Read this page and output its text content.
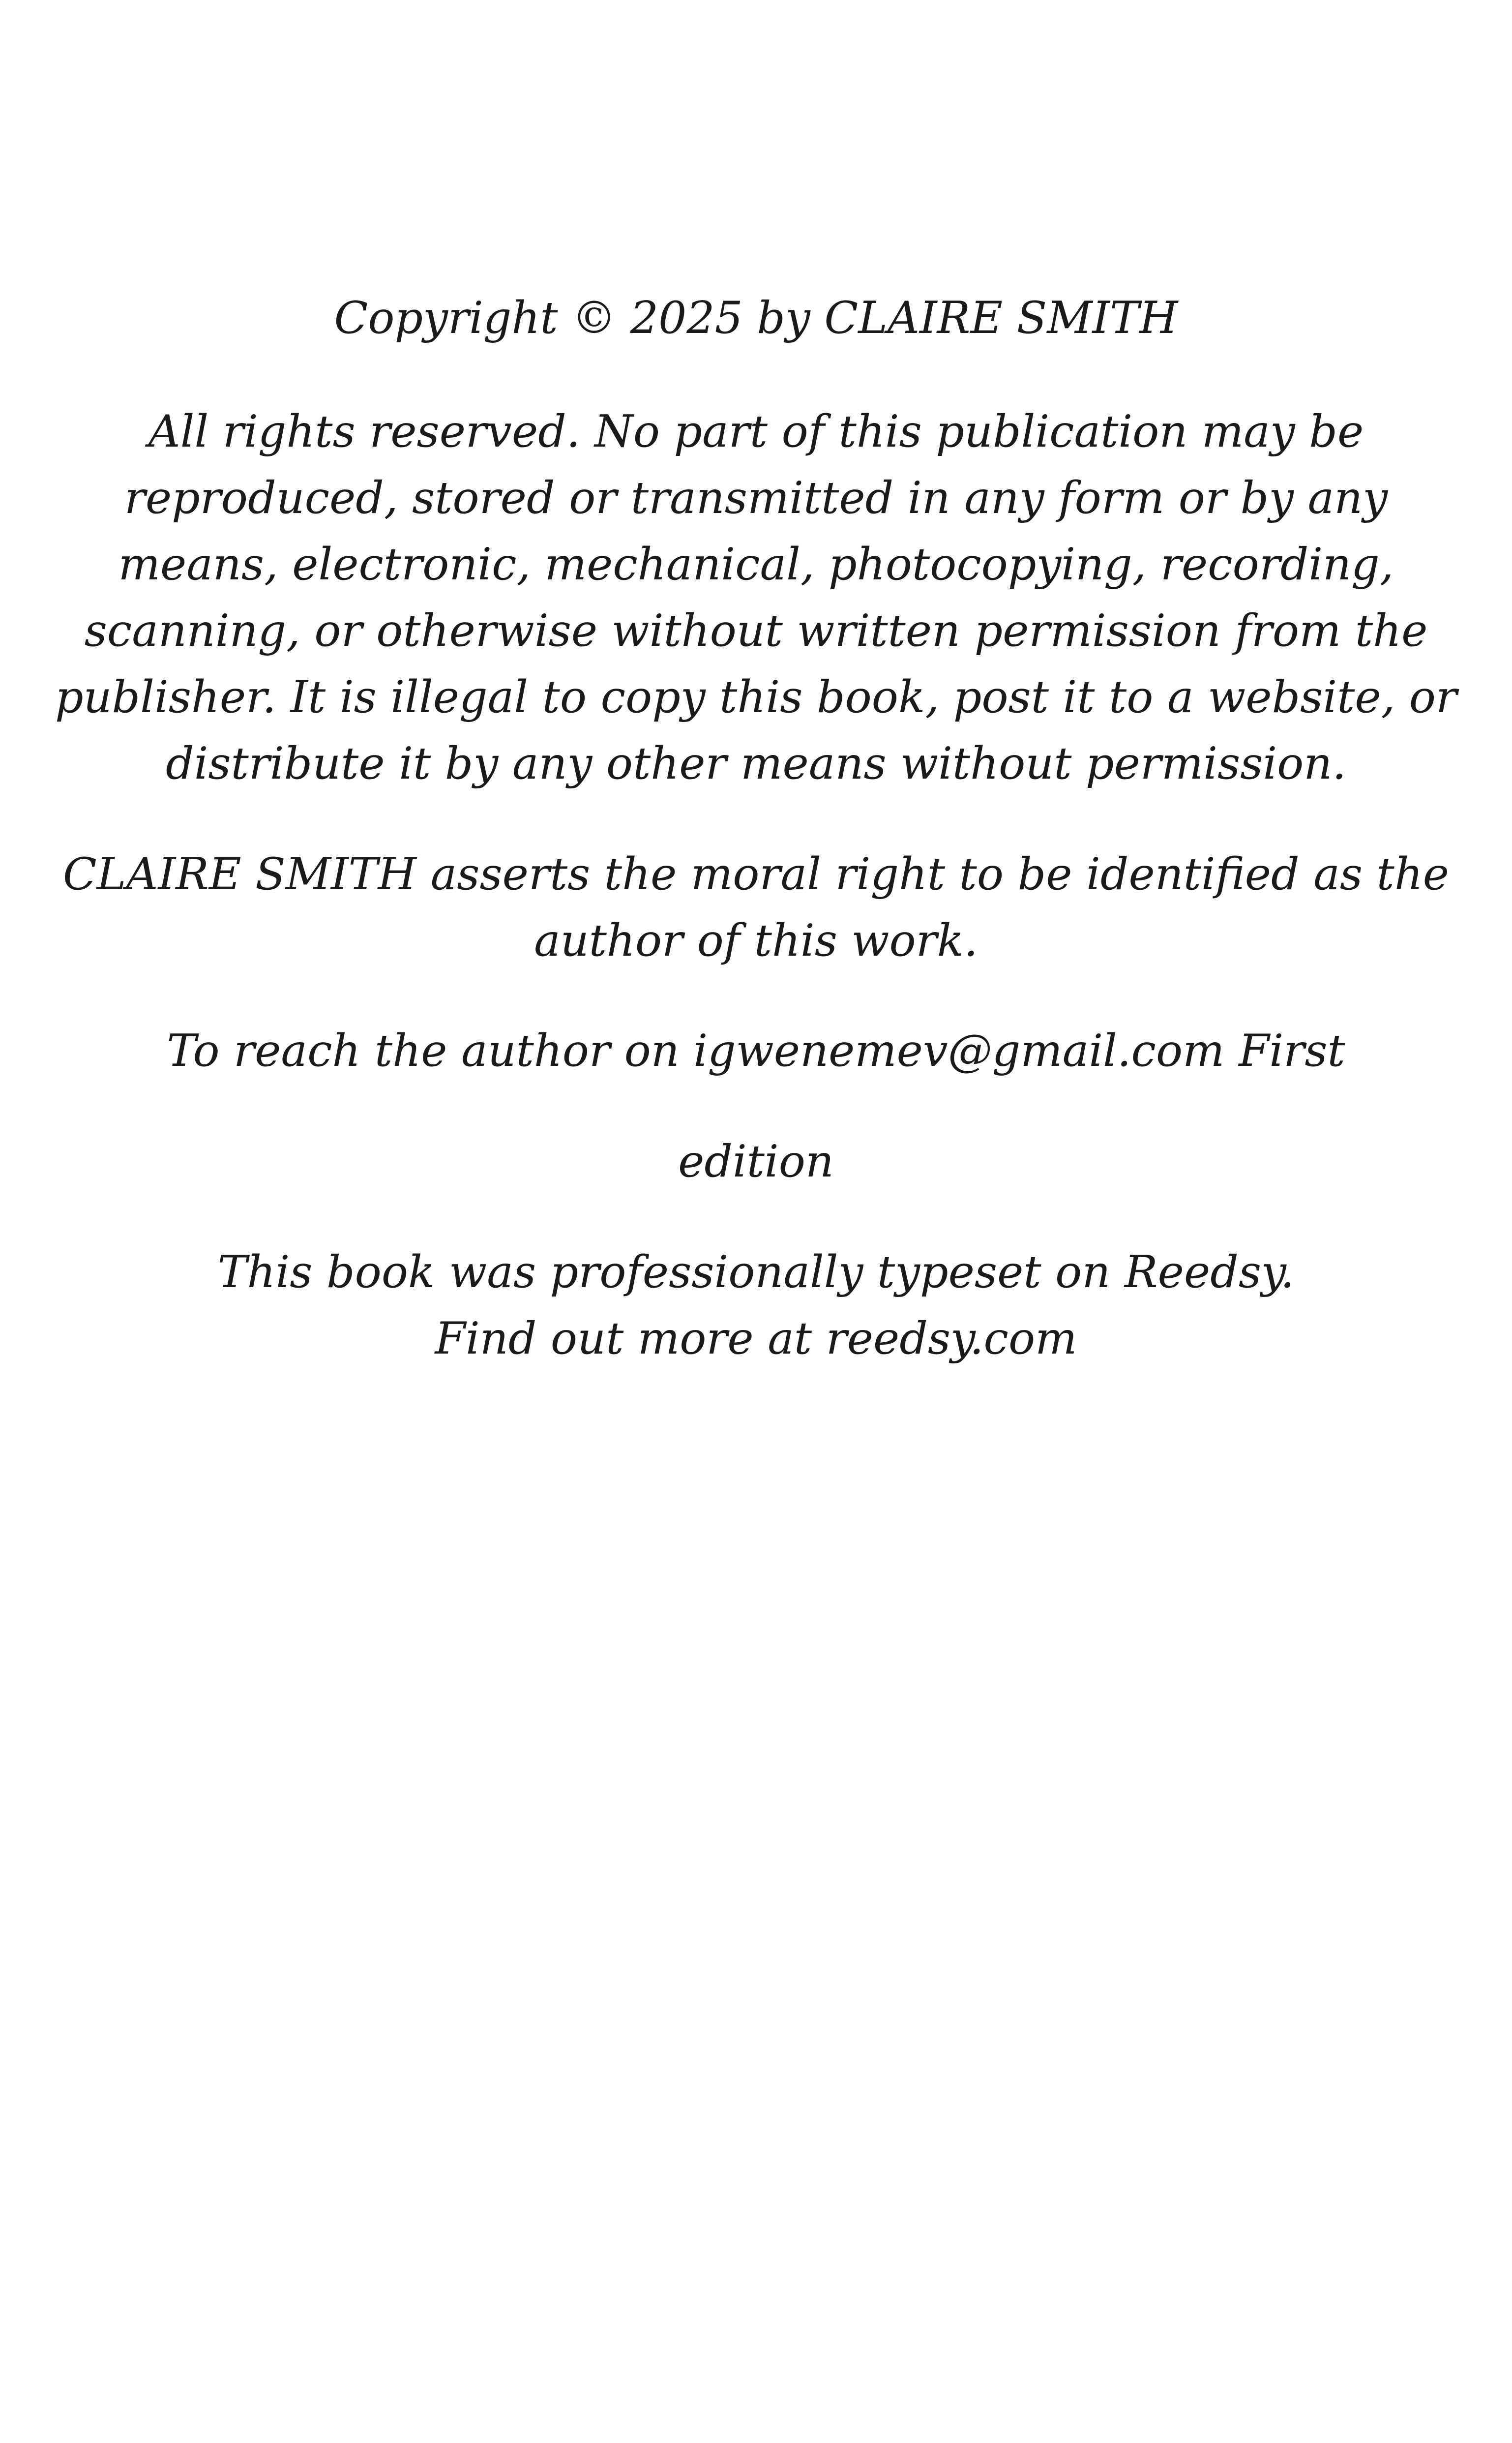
Copyright © 2025 by CLAIRE SMITH
All rights reserved. No part of this publication may be
reproduced, stored or transmitted in any form or by any
means, electronic, mechanical, photocopying, recording,
scanning, or otherwise without written permission from the
publisher. It is illegal to copy this book, post it to a website, or
distribute it by any other means without permission.
CLAIRE SMITH asserts the moral right to be identified as the
author of this work.
To reach the author on igwenemev@gmail.com First
edition
This book was professionally typeset on Reedsy.
Find out more at reedsy.com
